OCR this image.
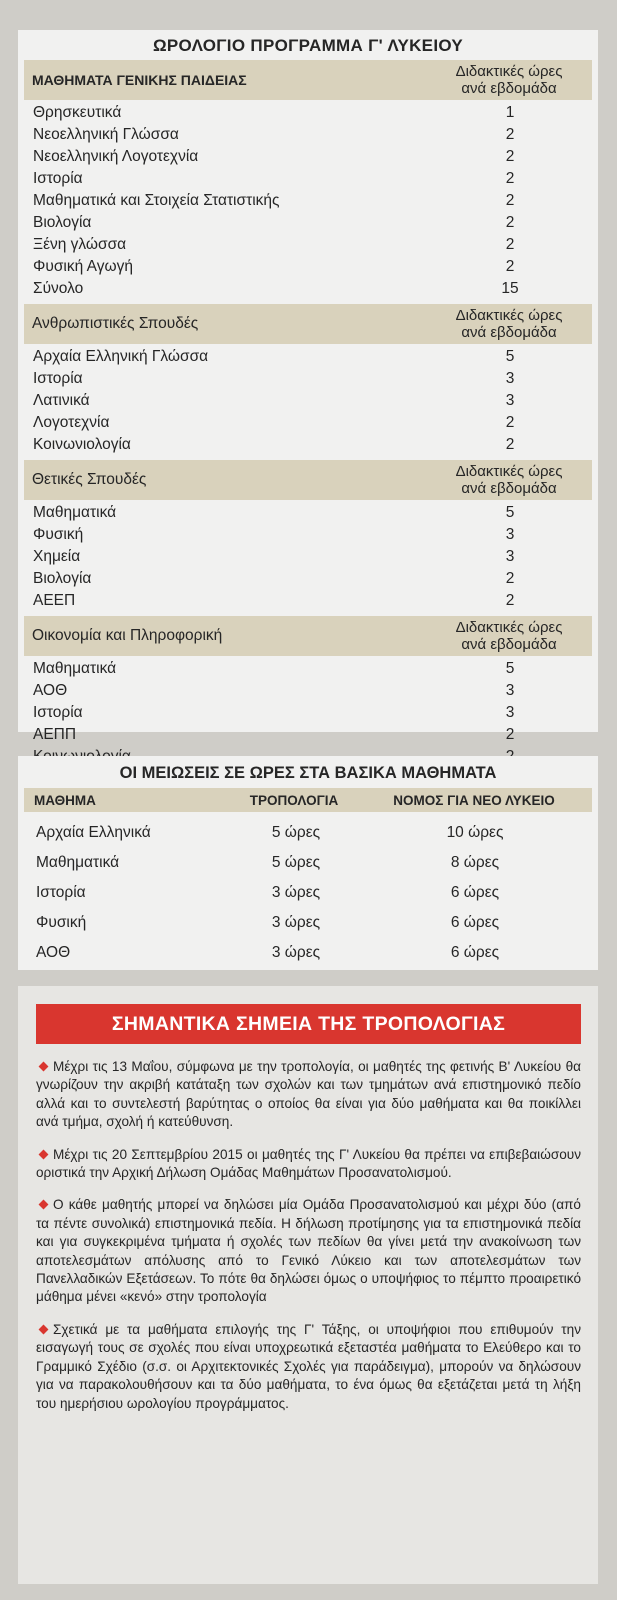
ΩΡΟΛΟΓΙΟ ΠΡΟΓΡΑΜΜΑ Γ' ΛΥΚΕΙΟΥ
ΜΑΘΗΜΑΤΑ ΓΕΝΙΚΗΣ ΠΑΙΔΕΙΑΣ	Διδακτικές ώρες
ανά εβδομάδα
Θρησκευτικά	1
Νεοελληνική Γλώσσα	2
Νεοελληνική Λογοτεχνία	2
Ιστορία	2
Μαθηματικά και Στοιχεία Στατιστικής	2
Βιολογία	2
Ξένη γλώσσα	2
Φυσική Αγωγή	2
Σύνολο	15
Ανθρωπιστικές Σπουδές	Διδακτικές ώρες
ανά εβδομάδα
Αρχαία Ελληνική Γλώσσα	5
Ιστορία	3
Λατινικά	3
Λογοτεχνία	2
Κοινωνιολογία	2
Θετικές Σπουδές	Διδακτικές ώρες
ανά εβδομάδα
Μαθηματικά	5
Φυσική	3
Χημεία	3
Βιολογία	2
ΑΕΕΠ	2
Οικονομία και Πληροφορική	Διδακτικές ώρες
ανά εβδομάδα
Μαθηματικά	5
ΑΟΘ	3
Ιστορία	3
ΑΕΠΠ	2
ΟΙ ΜΕΙΩΣΕΙΣ ΣΕ ΩΡΕΣ ΣΤΑ ΒΑΣΙΚΑ ΜΑΘΗΜΑΤΑ
ΜΑΘΗΜΑ	ΤΡΟΠΟΛΟΓΙΑ	ΝΟΜΟΣ ΓΙΑ ΝΕΟ ΛΥΚΕΙΟ
Αρχαία Ελληνικά	5 ώρες	10 ώρες
Μαθηματικά	5 ώρες	8 ώρες
Ιστορία	3 ώρες	6 ώρες
Φυσική	3 ώρες	6 ώρες
ΑΟΘ	3 ώρες	6 ώρες
ΣΗΜΑΝΤΙΚΑ ΣΗΜΕΙΑ ΤΗΣ ΤΡΟΠΟΛΟΓΙΑΣ
Μέχρι τις 13 Μαΐου, σύμφωνα με την τροπολογία, οι μαθητές της φετινής Β' Λυκείου θα γνωρίζουν την ακριβή κατάταξη των σχολών και των τμημάτων ανά επιστημονικό πεδίο αλλά και το συντελεστή βαρύτητας ο οποίος θα είναι για δύο μαθήματα και θα ποικίλλει ανά τμήμα, σχολή ή κατεύθυνση.
Μέχρι τις 20 Σεπτεμβρίου 2015 οι μαθητές της Γ' Λυκείου θα πρέπει να επιβεβαιώσουν οριστικά την Αρχική Δήλωση Ομάδας Μαθημάτων Προσανατολισμού.
Ο κάθε μαθητής μπορεί να δηλώσει μία Ομάδα Προσανατολισμού και μέχρι δύο (από τα πέντε συνολικά) επιστημονικά πεδία. Η δήλωση προτίμησης για τα επιστημονικά πεδία και για συγκεκριμένα τμήματα ή σχολές των πεδίων θα γίνει μετά την ανακοίνωση των αποτελεσμάτων απόλυσης από το Γενικό Λύκειο και των αποτελεσμάτων των Πανελλαδικών Εξετάσεων. Το πότε θα δηλώσει όμως ο υποψήφιος το πέμπτο προαιρετικό μάθημα μένει «κενό» στην τροπολογία
Σχετικά με τα μαθήματα επιλογής της Γ' Τάξης, οι υποψήφιοι που επιθυμούν την εισαγωγή τους σε σχολές που είναι υποχρεωτικά εξεταστέα μαθήματα το Ελεύθερο και το Γραμμικό Σχέδιο (σ.σ. οι Αρχιτεκτονικές Σχολές για παράδειγμα), μπορούν να δηλώσουν για να παρακολουθήσουν και τα δύο μαθήματα, το ένα όμως θα εξετάζεται μετά τη λήξη του ημερήσιου ωρολογίου προγράμματος.
